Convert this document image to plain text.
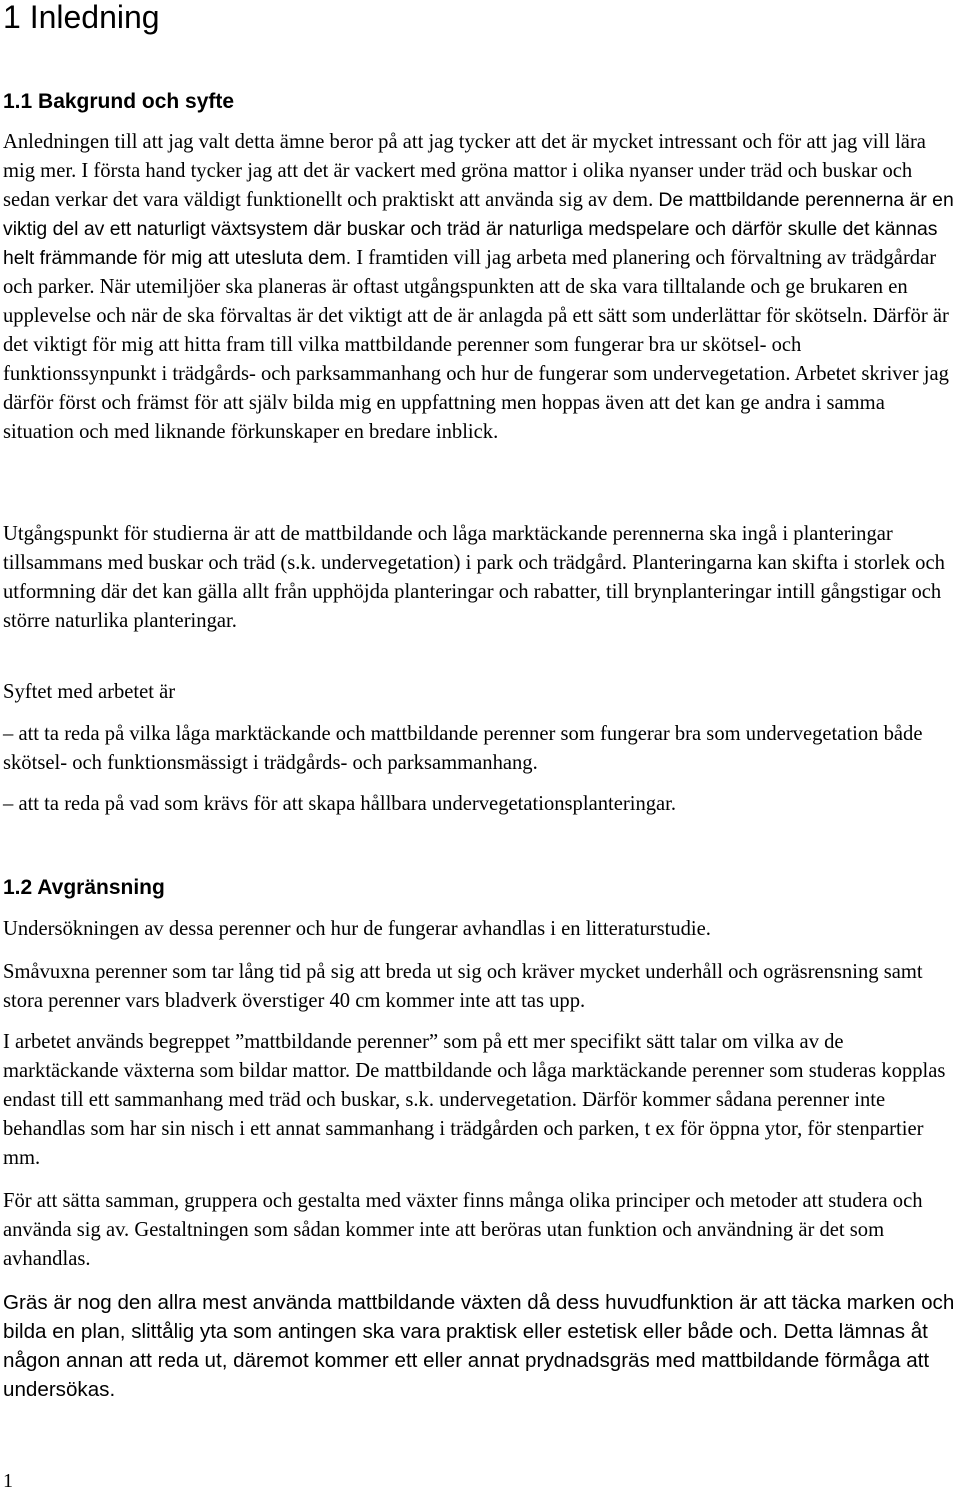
1 Inledning
1.1 Bakgrund och syfte

Anledningen till att jag valt detta ämne beror på att jag tycker att det är mycket intressant och för att jag vill lära mig mer. I första hand tycker jag att det är vackert med gröna mattor i olika nyanser under träd och buskar och sedan verkar det vara väldigt funktionellt och praktiskt att använda sig av dem. De mattbildande perennerna är en viktig del av ett naturligt växtsystem där buskar och träd är naturliga medspelare och därför skulle det kännas helt främmande för mig att utesluta dem. I framtiden vill jag arbeta med planering och förvaltning av trädgårdar och parker. När utemiljöer ska planeras är oftast utgångspunkten att de ska vara tilltalande och ge brukaren en upplevelse och när de ska förvaltas är det viktigt att de är anlagda på ett sätt som underlättar för skötseln. Därför är det viktigt för mig att hitta fram till vilka mattbildande perenner som fungerar bra ur skötsel- och funktionssynpunkt i trädgårds- och parksammanhang och hur de fungerar som undervegetation. Arbetet skriver jag därför först och främst för att själv bilda mig en uppfattning men hoppas även att det kan ge andra i samma situation och med liknande förkunskaper en bredare inblick.

Utgångspunkt för studierna är att de mattbildande och låga marktäckande perennerna ska ingå i planteringar tillsammans med buskar och träd (s.k. undervegetation) i park och trädgård. Planteringarna kan skifta i storlek och utformning där det kan gälla allt från upphöjda planteringar och rabatter, till brynplanteringar intill gångstigar och större naturlika planteringar.

Syftet med arbetet är

– att ta reda på vilka låga marktäckande och mattbildande perenner som fungerar bra som undervegetation både skötsel- och funktionsmässigt i trädgårds- och parksammanhang.

– att ta reda på vad som krävs för att skapa hållbara undervegetationsplanteringar.

1.2 Avgränsning

Undersökningen av dessa perenner och hur de fungerar avhandlas i en litteraturstudie.

Småvuxna perenner som tar lång tid på sig att breda ut sig och kräver mycket underhåll och ogräsrensning samt stora perenner vars bladverk överstiger 40 cm kommer inte att tas upp.

I arbetet används begreppet ”mattbildande perenner” som på ett mer specifikt sätt talar om vilka av de marktäckande växterna som bildar mattor. De mattbildande och låga marktäckande perenner som studeras kopplas endast till ett sammanhang med träd och buskar, s.k. undervegetation. Därför kommer sådana perenner inte behandlas som har sin nisch i ett annat sammanhang i trädgården och parken, t ex för öppna ytor, för stenpartier mm.

För att sätta samman, gruppera och gestalta med växter finns många olika principer och metoder att studera och använda sig av. Gestaltningen som sådan kommer inte att beröras utan funktion och användning är det som avhandlas.

Gräs är nog den allra mest använda mattbildande växten då dess huvudfunktion är att täcka marken och bilda en plan, slittålig yta som antingen ska vara praktisk eller estetisk eller både och. Detta lämnas åt någon annan att reda ut, däremot kommer ett eller annat prydnadsgräs med mattbildande förmåga att undersökas.

1
